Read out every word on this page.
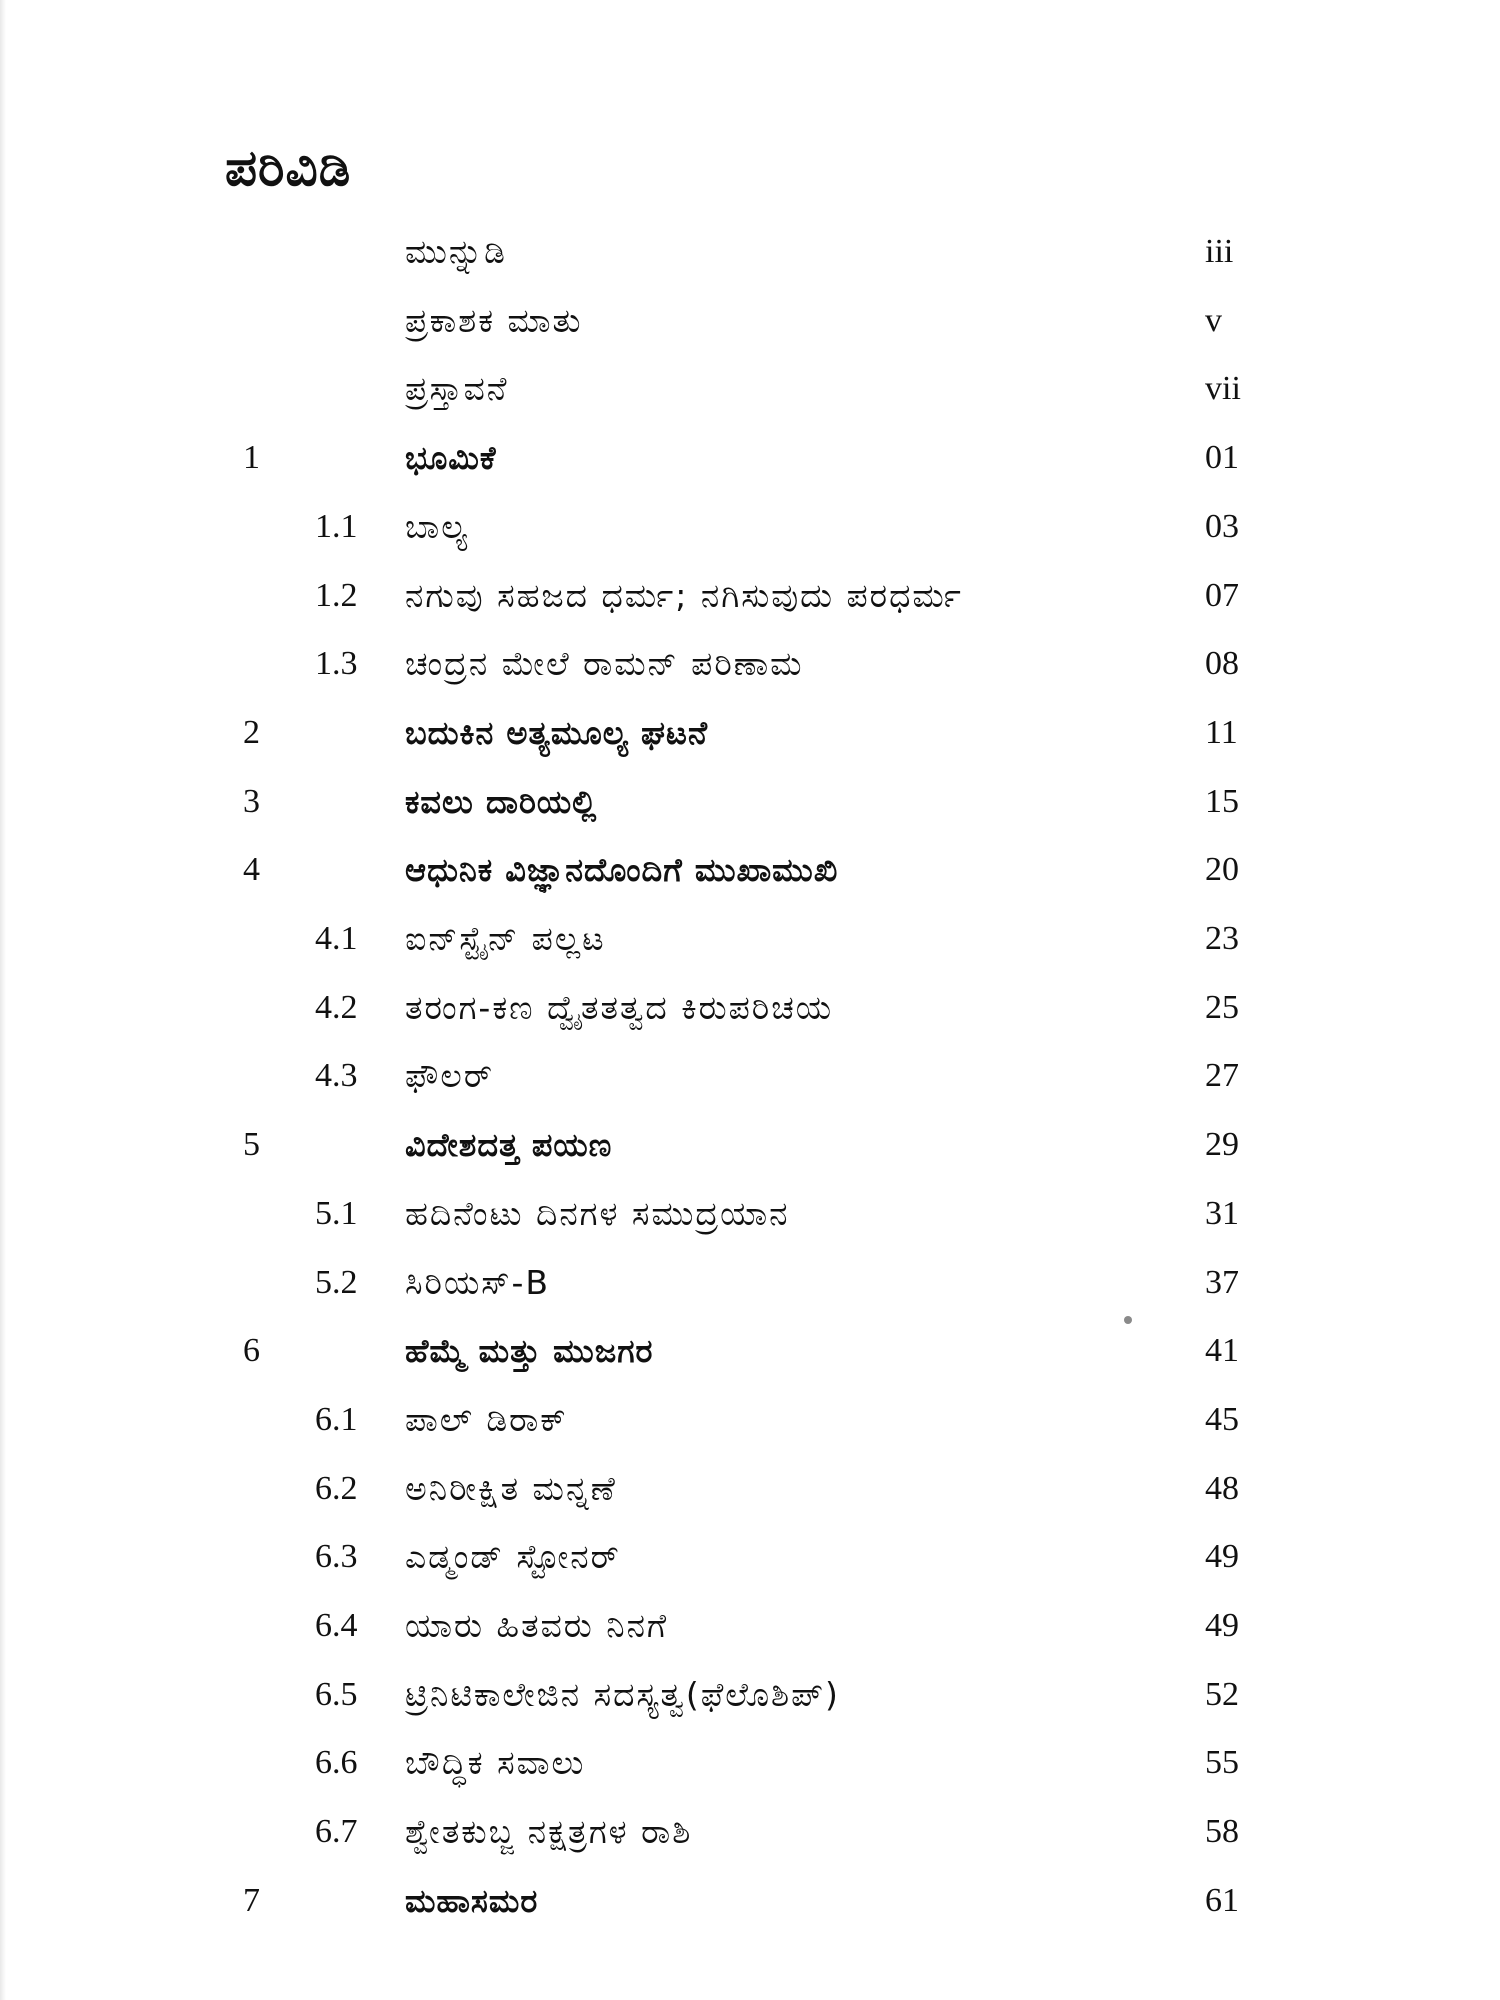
ಪರಿವಿಡಿ
ಮುನ್ನುಡಿ	iii
ಪ್ರಕಾಶಕ ಮಾತು	v
ಪ್ರಸ್ತಾವನೆ	vii
1	ಭೂಮಿಕೆ	01
1.1 ಬಾಲ್ಯ	03
1.2 ನಗುವು ಸಹಜದ ಧರ್ಮ; ನಗಿಸುವುದು ಪರಧರ್ಮ	07
1.3 ಚಂದ್ರನ ಮೇಲೆ ರಾಮನ್ ಪರಿಣಾಮ	08
2	ಬದುಕಿನ ಅತ್ಯಮೂಲ್ಯ ಘಟನೆ	11
3	ಕವಲು ದಾರಿಯಲ್ಲಿ	15
4	ಆಧುನಿಕ ವಿಜ್ಞಾನದೊಂದಿಗೆ ಮುಖಾಮುಖಿ	20
4.1 ಐನ್‌ಸ್ಟೈನ್ ಪಲ್ಲಟ	23
4.2 ತರಂಗ-ಕಣ ದ್ವೈತತತ್ವದ ಕಿರುಪರಿಚಯ	25
4.3 ಫೌಲರ್	27
5	ವಿದೇಶದತ್ತ ಪಯಣ	29
5.1 ಹದಿನೆಂಟು ದಿನಗಳ ಸಮುದ್ರಯಾನ	31
5.2 ಸಿರಿಯಸ್-B	37
6	ಹೆಮ್ಮೆ ಮತ್ತು ಮುಜಗರ	41
6.1 ಪಾಲ್ ಡಿರಾಕ್	45
6.2 ಅನಿರೀಕ್ಷಿತ ಮನ್ನಣೆ	48
6.3 ಎಡ್ಮಂಡ್ ಸ್ಟೋನರ್	49
6.4 ಯಾರು ಹಿತವರು ನಿನಗೆ	49
6.5 ಟ್ರಿನಿಟಿಕಾಲೇಜಿನ ಸದಸ್ಯತ್ವ(ಫೆಲೊಶಿಪ್)	52
6.6 ಬೌದ್ಧಿಕ ಸವಾಲು	55
6.7 ಶ್ವೇತಕುಬ್ಜ ನಕ್ಷತ್ರಗಳ ರಾಶಿ	58
7	ಮಹಾಸಮರ	61
